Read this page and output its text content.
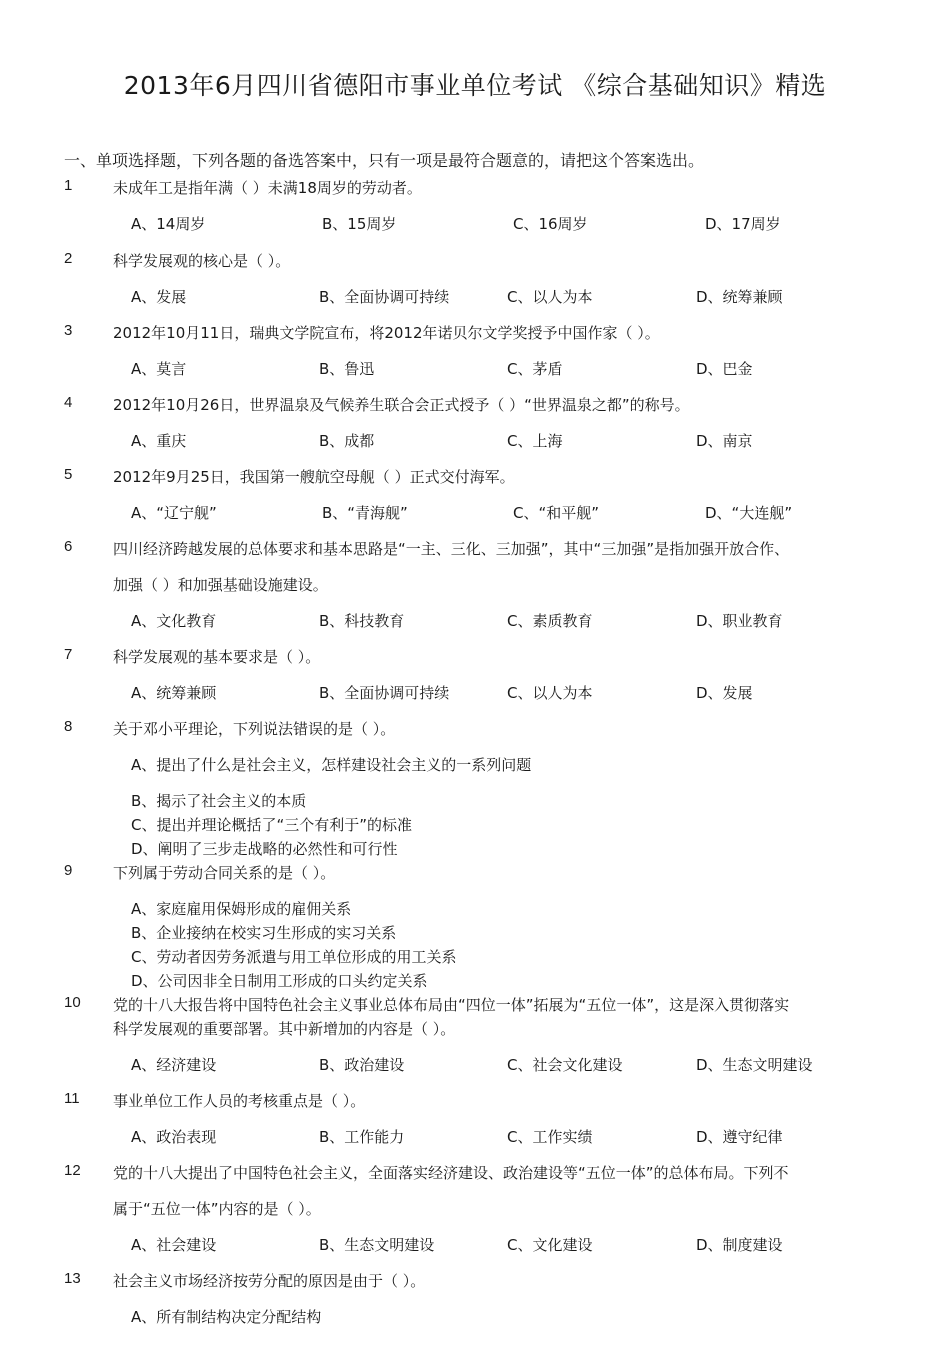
2013年6月四川省德阳市事业单位考试 《综合基础知识》精选
一、单项选择题，下列各题的备选答案中，只有一项是最符合题意的，请把这个答案选出。
1	未成年工是指年满（ ）未满18周岁的劳动者。
A、14周岁	B、15周岁	C、16周岁	D、17周岁
2	科学发展观的核心是（ ）。
A、发展	B、全面协调可持续	C、以人为本	D、统筹兼顾
3	2012年10月11日，瑞典文学院宣布，将2012年诺贝尔文学奖授予中国作家（ ）。
A、莫言	B、鲁迅	C、茅盾	D、巴金
4	2012年10月26日，世界温泉及气候养生联合会正式授予（ ）“世界温泉之都”的称号。
A、重庆	B、成都	C、上海	D、南京
5	2012年9月25日，我国第一艘航空母舰（ ）正式交付海军。
A、“辽宁舰”	B、“青海舰”	C、“和平舰”	D、“大连舰”
6	四川经济跨越发展的总体要求和基本思路是“一主、三化、三加强”，其中“三加强”是指加强开放合作、
加强（ ）和加强基础设施建设。
A、文化教育	B、科技教育	C、素质教育	D、职业教育
7	科学发展观的基本要求是（ ）。
A、统筹兼顾	B、全面协调可持续	C、以人为本	D、发展
8	关于邓小平理论，下列说法错误的是（ ）。
A、提出了什么是社会主义，怎样建设社会主义的一系列问题
B、揭示了社会主义的本质
C、提出并理论概括了“三个有利于”的标准
D、阐明了三步走战略的必然性和可行性
9	下列属于劳动合同关系的是（ ）。
A、家庭雇用保姆形成的雇佣关系
B、企业接纳在校实习生形成的实习关系
C、劳动者因劳务派遣与用工单位形成的用工关系
D、公司因非全日制用工形成的口头约定关系
10	党的十八大报告将中国特色社会主义事业总体布局由“四位一体”拓展为“五位一体”，这是深入贯彻落实
科学发展观的重要部署。其中新增加的内容是（ ）。
A、经济建设	B、政治建设	C、社会文化建设	D、生态文明建设
11	事业单位工作人员的考核重点是（ ）。
A、政治表现	B、工作能力	C、工作实绩	D、遵守纪律
12	党的十八大提出了中国特色社会主义，全面落实经济建设、政治建设等“五位一体”的总体布局。下列不
属于“五位一体”内容的是（ ）。
A、社会建设	B、生态文明建设	C、文化建设	D、制度建设
13	社会主义市场经济按劳分配的原因是由于（ ）。
A、所有制结构决定分配结构
